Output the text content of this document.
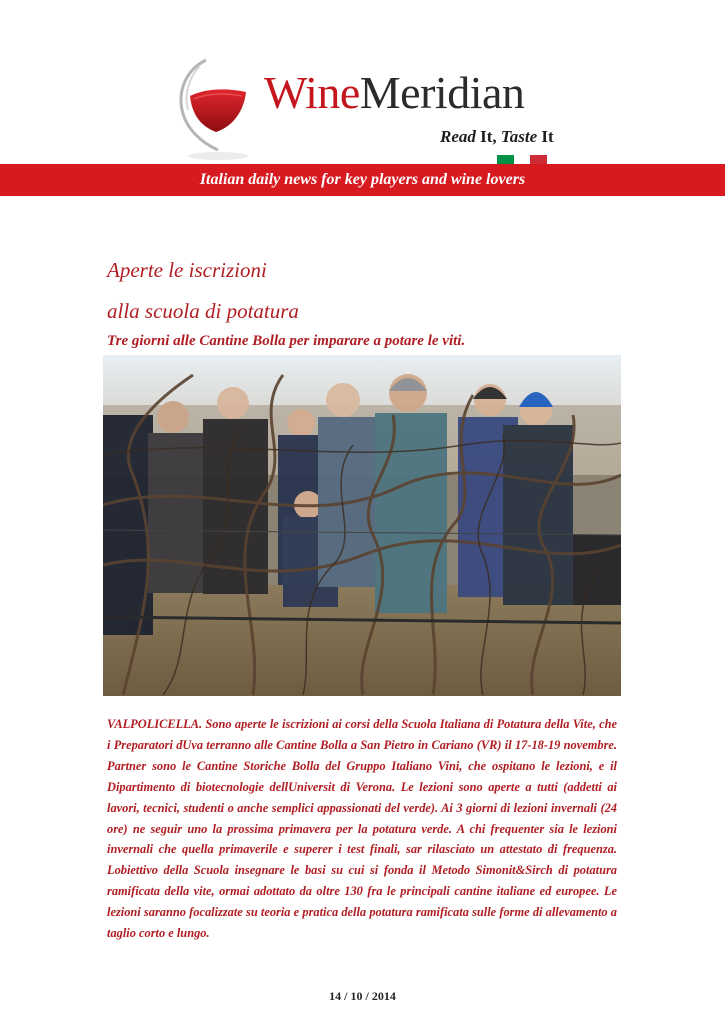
WineMeridian
Read It, Taste It
Italian daily news for key players and wine lovers
Aperte le iscrizioni
alla scuola di potatura
Tre giorni alle Cantine Bolla per imparare a potare le viti.

VALPOLICELLA. Sono aperte le iscrizioni ai corsi della Scuola Italiana di Potatura della Vite, che i Preparatori dUva terranno alle Cantine Bolla a San Pietro in Cariano (VR) il 17-18-19 novembre. Partner sono le Cantine Storiche Bolla del Gruppo Italiano Vini, che ospitano le lezioni, e il Dipartimento di biotecnologie dellUniversit di Verona. Le lezioni sono aperte a tutti (addetti ai lavori, tecnici, studenti o anche semplici appassionati del verde). Ai 3 giorni di lezioni invernali (24 ore) ne seguir uno la prossima primavera per la potatura verde. A chi frequenter sia le lezioni invernali che quella primaverile e superer i test finali, sar rilasciato un attestato di frequenza. Lobiettivo della Scuola insegnare le basi su cui si fonda il Metodo Simonit&Sirch di potatura ramificata della vite, ormai adottato da oltre 130 fra le principali cantine italiane ed europee. Le lezioni saranno focalizzate su teoria e pratica della potatura ramificata sulle forme di allevamento a taglio corto e lungo.

14 / 10 / 2014
